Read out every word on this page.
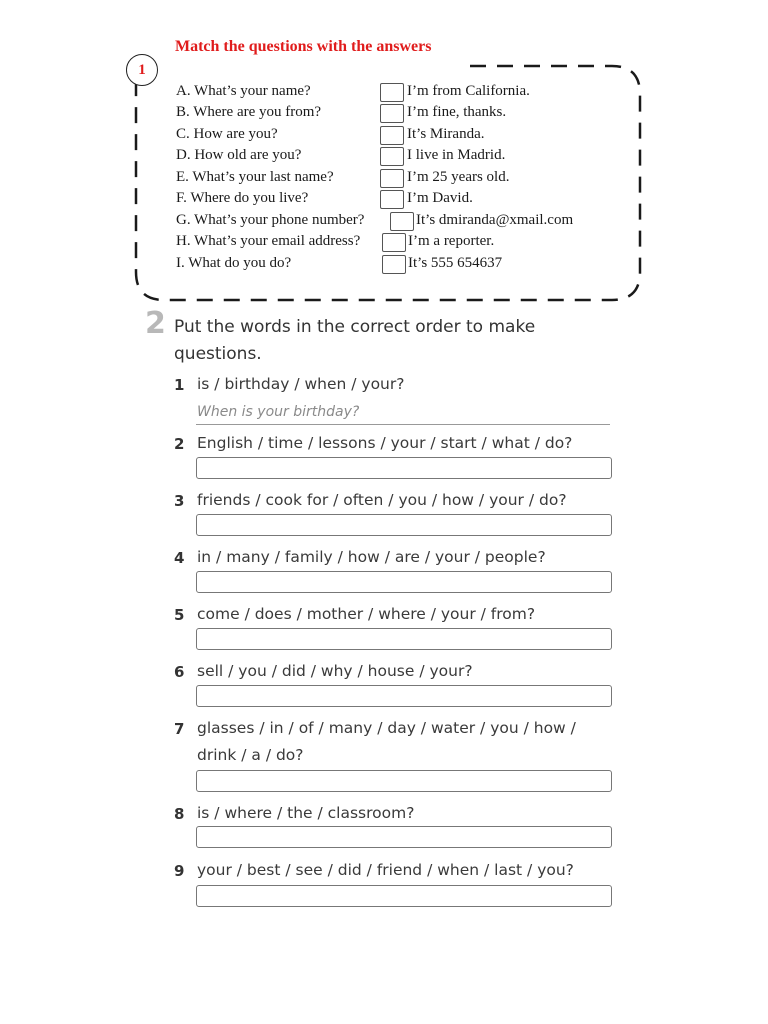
1
Match the questions with the answers
A. What’s your name?	I’m from California.
B. Where are you from?	I’m fine, thanks.
C. How are you?	It’s Miranda.
D. How old are you?	I live in Madrid.
E. What’s your last name?	I’m 25 years old.
F. Where do you live?	I’m David.
G. What’s your phone number?	It’s dmiranda@xmail.com
H. What’s your email address?	I’m a reporter.
I. What do you do?	It’s 555 654637
2 Put the words in the correct order to make questions.
1 is / birthday / when / your?
2 English / time / lessons / your / start / what / do?
3 friends / cook for / often / you / how / your / do?
4 in / many / family / how / are / your / people?
5 come / does / mother / where / your / from?
6 sell / you / did / why / house / your?
7 glasses / in / of / many / day / water / you / how /
drink / a / do?
8 is / where / the / classroom?
9 your / best / see / did / friend / when / last / you?
When is your birthday?
